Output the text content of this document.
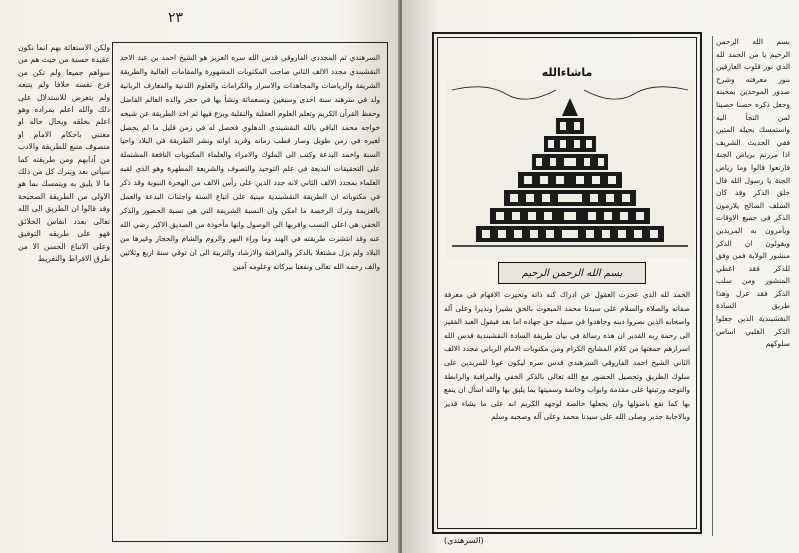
٢٣

ولكن الاستغاثة بهم انما تكون عقيدة حسنة من حيث هم من سواهم جميعا ولم تكن من قرع نفسه خلافا ولم يتبعه ولم يتعرض للاستدلال على ذلك والله اعلم بمراده وهو اعلم بخلقه وبحال حاله او معتني باحكام الامام او متصوف متبع للطريقة والادب من آدابهم ومن طريقته كما سيأتي بعد ويترك كل من ذلك ما لا يليق به ويتمسك بما هو الاولى من الطريقة الصحيحة وقد قالوا ان الطريق الى الله تعالى بعدد انفاس الخلائق فهو على طريقه التوفيق وعلى الاتباع الحسن الا من طرق الافراط والتفريط

السرهندي ثم المجددي الفاروقي قدس الله سره العزيز هو الشيخ احمد بن عبد الاحد النقشبندي مجدد الالف الثاني صاحب المكتوبات المشهورة والمقامات العالية والطريقة الشريفة والرياضات والمجاهدات والاسرار والكرامات والعلوم اللدنية والمعارف الربانية ولد في سرهند سنة احدى وسبعين وتسعمائة ونشأ بها في حجر والده العالم الفاضل وحفظ القرآن الكريم وتعلم العلوم العقلية والنقلية وبرع فيها ثم اخذ الطريقة عن شيخه خواجه محمد الباقي بالله النقشبندي الدهلوي فحصل له في زمن قليل ما لم يحصل لغيره في زمن طويل وصار قطب زمانه وفريد اوانه ونشر الطريقة في البلاد واحيا السنة واخمد البدعة وكتب الى الملوك والامراء والعلماء المكتوبات النافعة المشتملة على التحقيقات البديعة في علم التوحيد والتصوف والشريعة المطهرة وهو الذي لقبه العلماء بمجدد الالف الثاني لانه جدد الدين على رأس الالف من الهجرة النبوية وقد ذكر في مكتوباته ان الطريقة النقشبندية مبنية على اتباع السنة واجتناب البدعة والعمل بالعزيمة وترك الرخصة ما امكن وان النسبة الشريفة التي هي نسبة الحضور والذكر الخفي هي اعلى النسب واقربها الى الوصول وانها مأخوذة من الصديق الاكبر رضي الله عنه وقد انتشرت طريقته في الهند وما وراء النهر والروم والشام والحجاز وغيرها من البلاد ولم يزل مشتغلا بالذكر والمراقبة والارشاد والتربية الى ان توفي سنة اربع وثلاثين والف رحمه الله تعالى ونفعنا ببركاته وعلومه آمين

ماشاءالله
بسم الله الرحمن الرحيم

الحمد لله الذي عجزت العقول عن ادراك كنه ذاته وتحيرت الافهام في معرفة صفاته والصلاة والسلام على سيدنا محمد المبعوث بالحق بشيرا ونذيرا وعلى آله واصحابه الذين نصروا دينه وجاهدوا في سبيله حق جهاده اما بعد فيقول العبد الفقير الى رحمة ربه القدير ان هذه رسالة في بيان طريقة السادة النقشبندية قدس الله اسرارهم جمعتها من كلام المشايخ الكرام ومن مكتوبات الامام الرباني مجدد الالف الثاني الشيخ احمد الفاروقي السرهندي قدس سره ليكون عونا للمريدين على سلوك الطريق وتحصيل الحضور مع الله تعالى بالذكر الخفي والمراقبة والرابطة والتوجه ورتبتها على مقدمة وابواب وخاتمة وسميتها بما يليق بها والله اسأل ان ينفع بها كما نفع باصولها وان يجعلها خالصة لوجهه الكريم انه على ما يشاء قدير وبالاجابة جدير وصلى الله على سيدنا محمد وعلى آله وصحبه وسلم

(السرهندي)
بسم الله الرحمن الرحيم يا من الحمد لله الذي نور قلوب العارفين بنور معرفته وشرح صدور الموحدين بمحبته وجعل ذكره حصنا حصينا لمن التجأ اليه واستمسك بحبله المتين ففي الحديث الشريف اذا مررتم برياض الجنة فارتعوا قالوا وما رياض الجنة يا رسول الله قال حلق الذكر وقد كان السلف الصالح يلازمون الذكر في جميع الاوقات ويأمرون به المريدين ويقولون ان الذكر منشور الولاية فمن وفق للذكر فقد اعطي المنشور ومن سلب الذكر فقد عزل وهذا طريق السادة النقشبندية الذين جعلوا الذكر القلبي اساس سلوكهم
